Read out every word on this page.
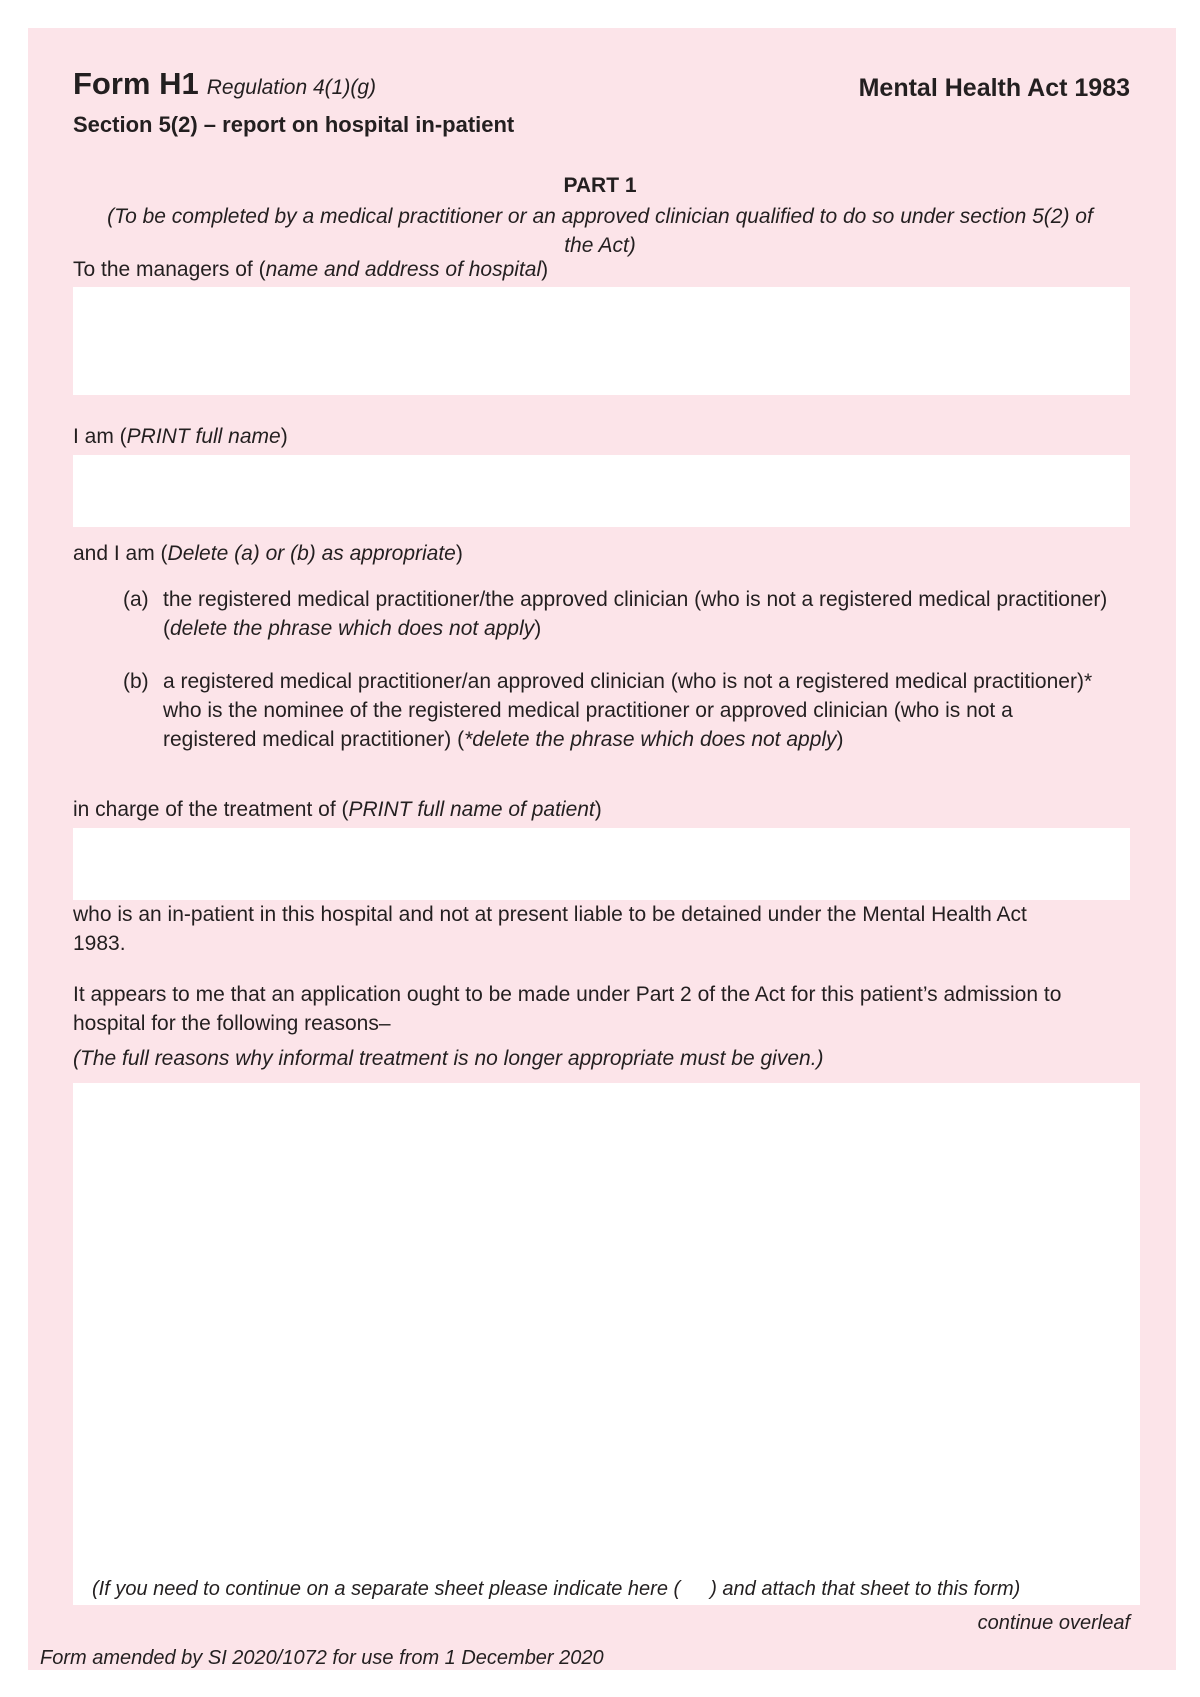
Form H1 Regulation 4(1)(g)	Mental Health Act 1983
Section 5(2) – report on hospital in-patient
PART 1
(To be completed by a medical practitioner or an approved clinician qualified to do so under section 5(2) of the Act)
To the managers of (name and address of hospital)
I am (PRINT full name)
and I am (Delete (a) or (b) as appropriate)
(a) the registered medical practitioner/the approved clinician (who is not a registered medical practitioner) (delete the phrase which does not apply)
(b) a registered medical practitioner/an approved clinician (who is not a registered medical practitioner)* who is the nominee of the registered medical practitioner or approved clinician (who is not a registered medical practitioner) (*delete the phrase which does not apply)
in charge of the treatment of (PRINT full name of patient)
who is an in-patient in this hospital and not at present liable to be detained under the Mental Health Act 1983.
It appears to me that an application ought to be made under Part 2 of the Act for this patient’s admission to hospital for the following reasons–
(The full reasons why informal treatment is no longer appropriate must be given.)
(If you need to continue on a separate sheet please indicate here ( ) and attach that sheet to this form)
continue overleaf
Form amended by SI 2020/1072 for use from 1 December 2020
